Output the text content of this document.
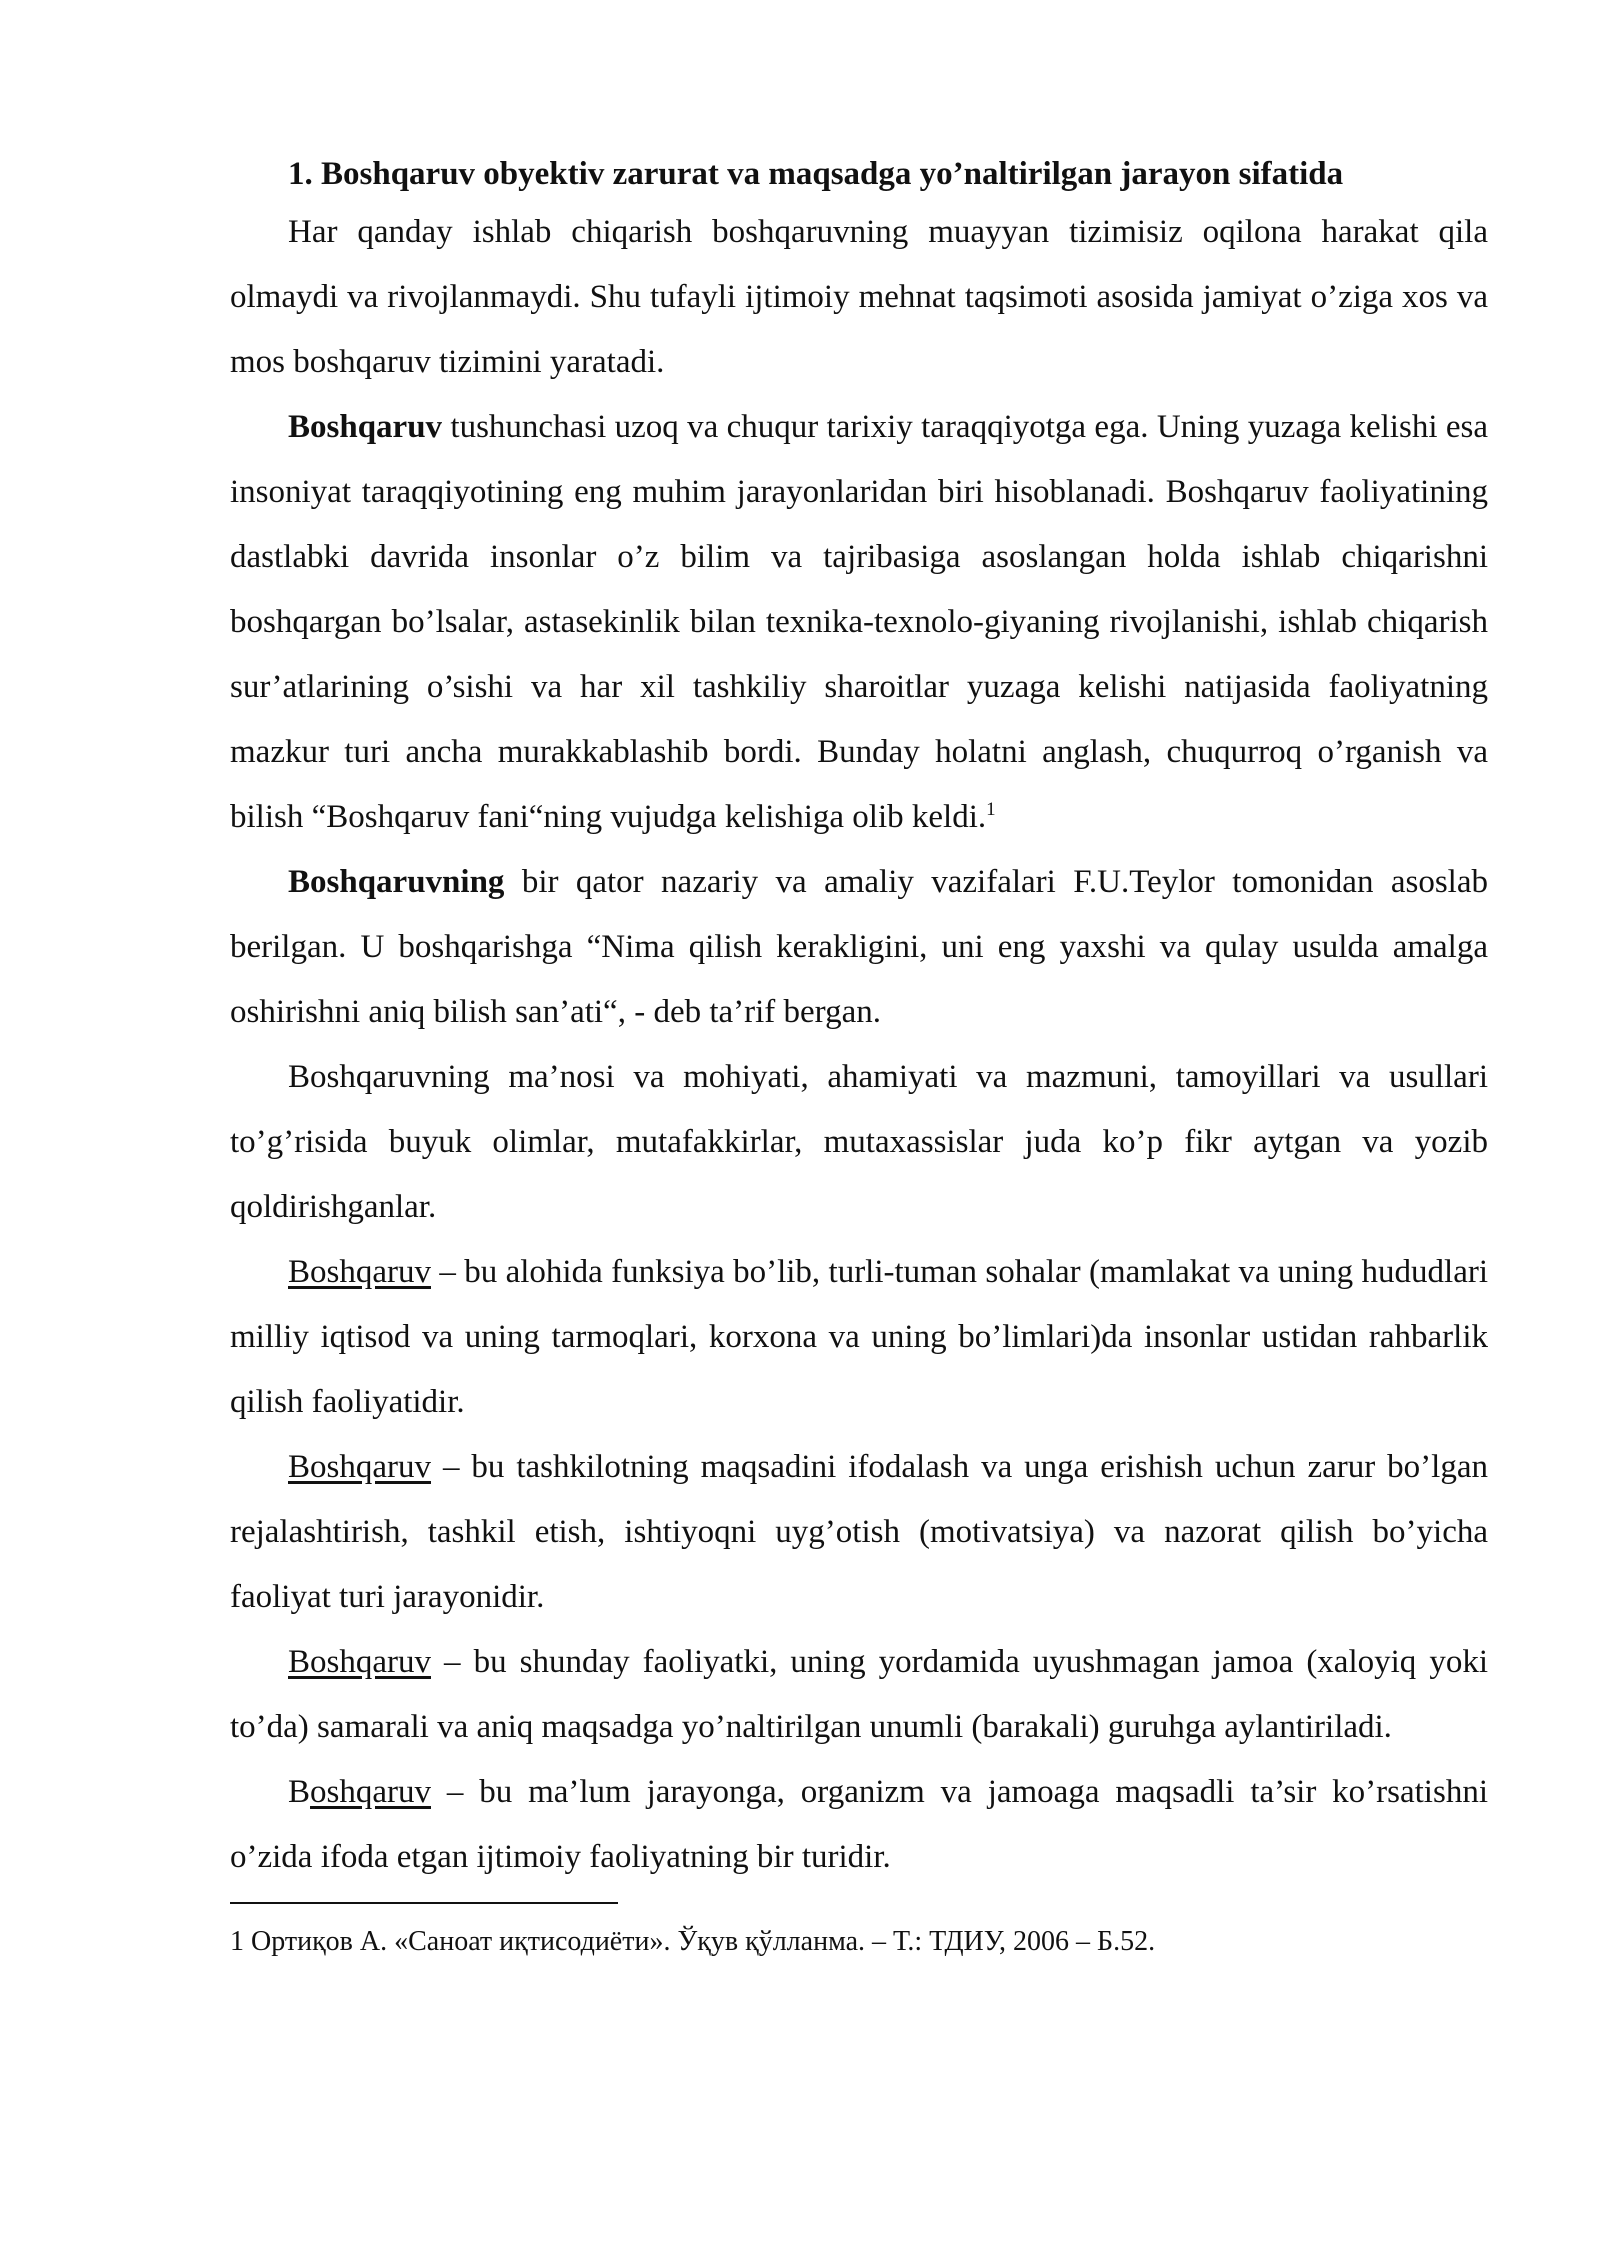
1. Boshqaruv obyektiv zarurat va maqsadga yo’naltirilgan jarayon sifatida

Har qanday ishlab chiqarish boshqaruvning muayyan tizimisiz oqilona harakat qila olmaydi va rivojlanmaydi. Shu tufayli ijtimoiy mehnat taqsimoti asosida jamiyat o’ziga xos va mos boshqaruv tizimini yaratadi.

Boshqaruv tushunchasi uzoq va chuqur tarixiy taraqqiyotga ega. Uning yuzaga kelishi esa insoniyat taraqqiyotining eng muhim jarayonlaridan biri hisoblanadi. Boshqaruv faoliyatining dastlabki davrida insonlar o’z bilim va tajribasiga asoslangan holda ishlab chiqarishni boshqargan bo’lsalar, astasekinlik bilan texnika-texnolo-giyaning rivojlanishi, ishlab chiqarish sur’atlarining o’sishi va har xil tashkiliy sharoitlar yuzaga kelishi natijasida faoliyatning mazkur turi ancha murakkablashib bordi. Bunday holatni anglash, chuqurroq o’rganish va bilish “Boshqaruv fani“ning vujudga kelishiga olib keldi.$^1$

Boshqaruvning bir qator nazariy va amaliy vazifalari F.U.Teylor tomonidan asoslab berilgan. U boshqarishga “Nima qilish kerakligini, uni eng yaxshi va qulay usulda amalga oshirishni aniq bilish san’ati“, - deb ta’rif bergan.

Boshqaruvning ma’nosi va mohiyati, ahamiyati va mazmuni, tamoyillari va usullari to’g’risida buyuk olimlar, mutafakkirlar, mutaxassislar juda ko’p fikr aytgan va yozib qoldirishganlar.

Boshqaruv – bu alohida funksiya bo’lib, turli-tuman sohalar (mamlakat va uning hududlari milliy iqtisod va uning tarmoqlari, korxona va uning bo’limlari)da insonlar ustidan rahbarlik qilish faoliyatidir.

Boshqaruv – bu tashkilotning maqsadini ifodalash va unga erishish uchun zarur bo’lgan rejalashtirish, tashkil etish, ishtiyoqni uyg’otish (motivatsiya) va nazorat qilish bo’yicha faoliyat turi jarayonidir.

Boshqaruv – bu shunday faoliyatki, uning yordamida uyushmagan jamoa (xaloyiq yoki to’da) samarali va aniq maqsadga yo’naltirilgan unumli (barakali) guruhga aylantiriladi.

Boshqaruv – bu ma’lum jarayonga, organizm va jamoaga maqsadli ta’sir ko’rsatishni o’zida ifoda etgan ijtimoiy faoliyatning bir turidir.

1 Ортиқов А. «Саноат иқтисодиёти». Ўқув қўлланма. – Т.: ТДИУ, 2006 – Б.52.
